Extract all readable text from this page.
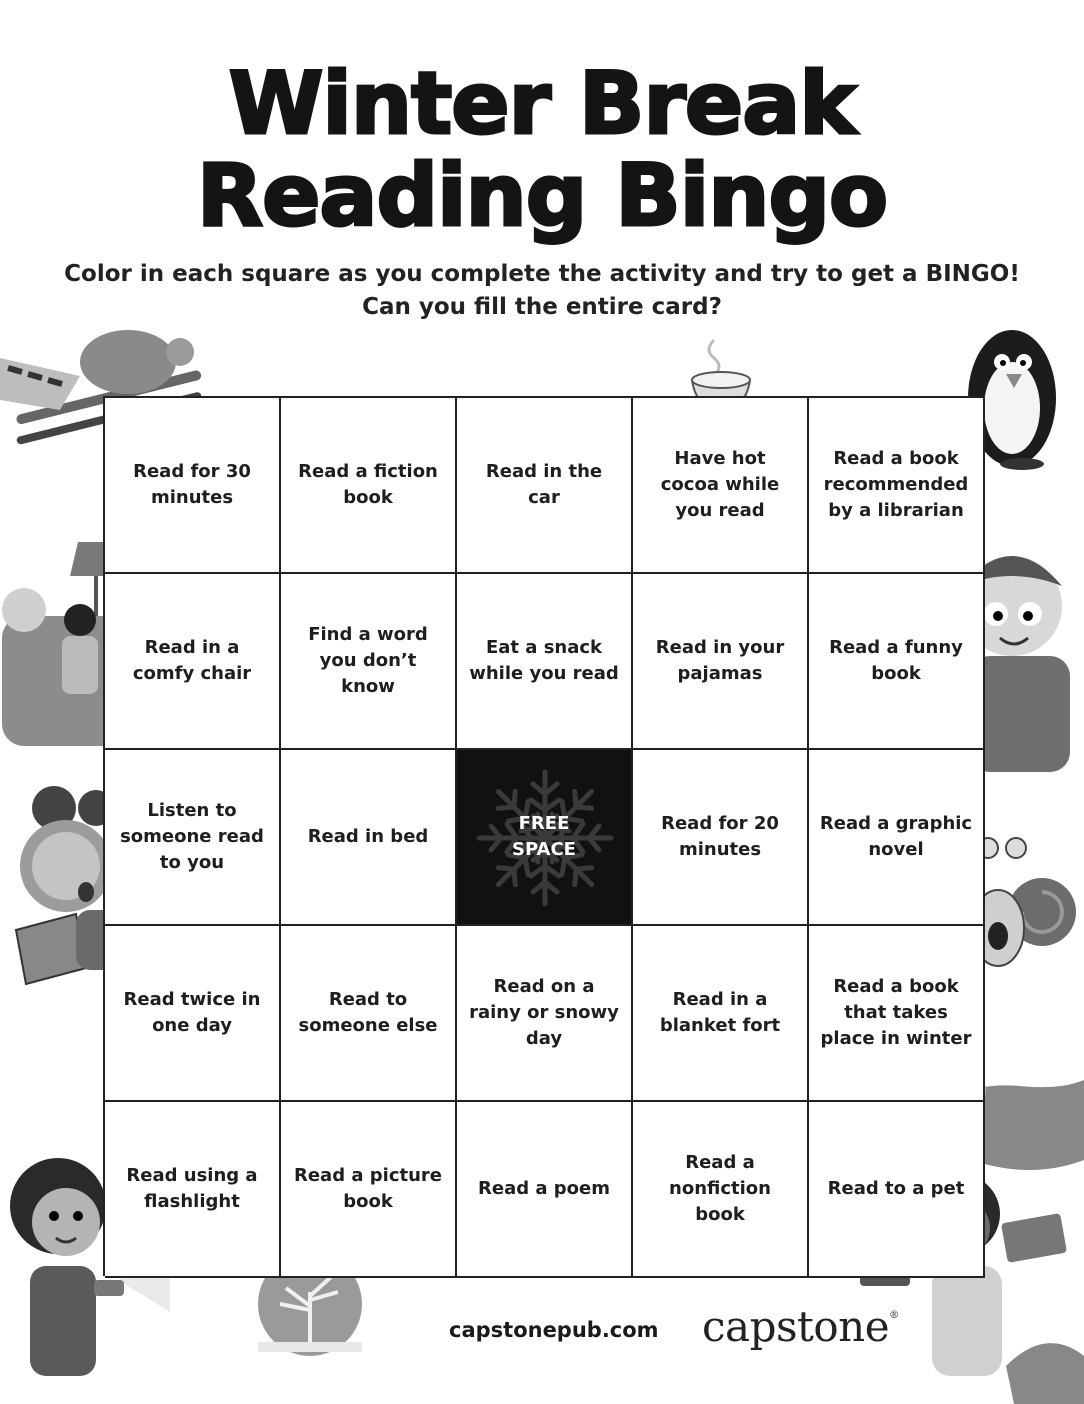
Winter Break
Reading Bingo
Color in each square as you complete the activity and try to get a BINGO!
Can you fill the entire card?
Read for 30 minutes
Read a fiction book
Read in the car
Have hot cocoa while you read
Read a book recommended by a librarian
Read in a comfy chair
Find a word you don’t know
Eat a snack while you read
Read in your pajamas
Read a funny book
Listen to someone read to you
Read in bed
FREE SPACE
Read for 20 minutes
Read a graphic novel
Read twice in one day
Read to someone else
Read on a rainy or snowy day
Read in a blanket fort
Read a book that takes place in winter
Read using a flashlight
Read a picture book
Read a poem
Read a nonfiction book
Read to a pet
capstonepub.com capstone®
